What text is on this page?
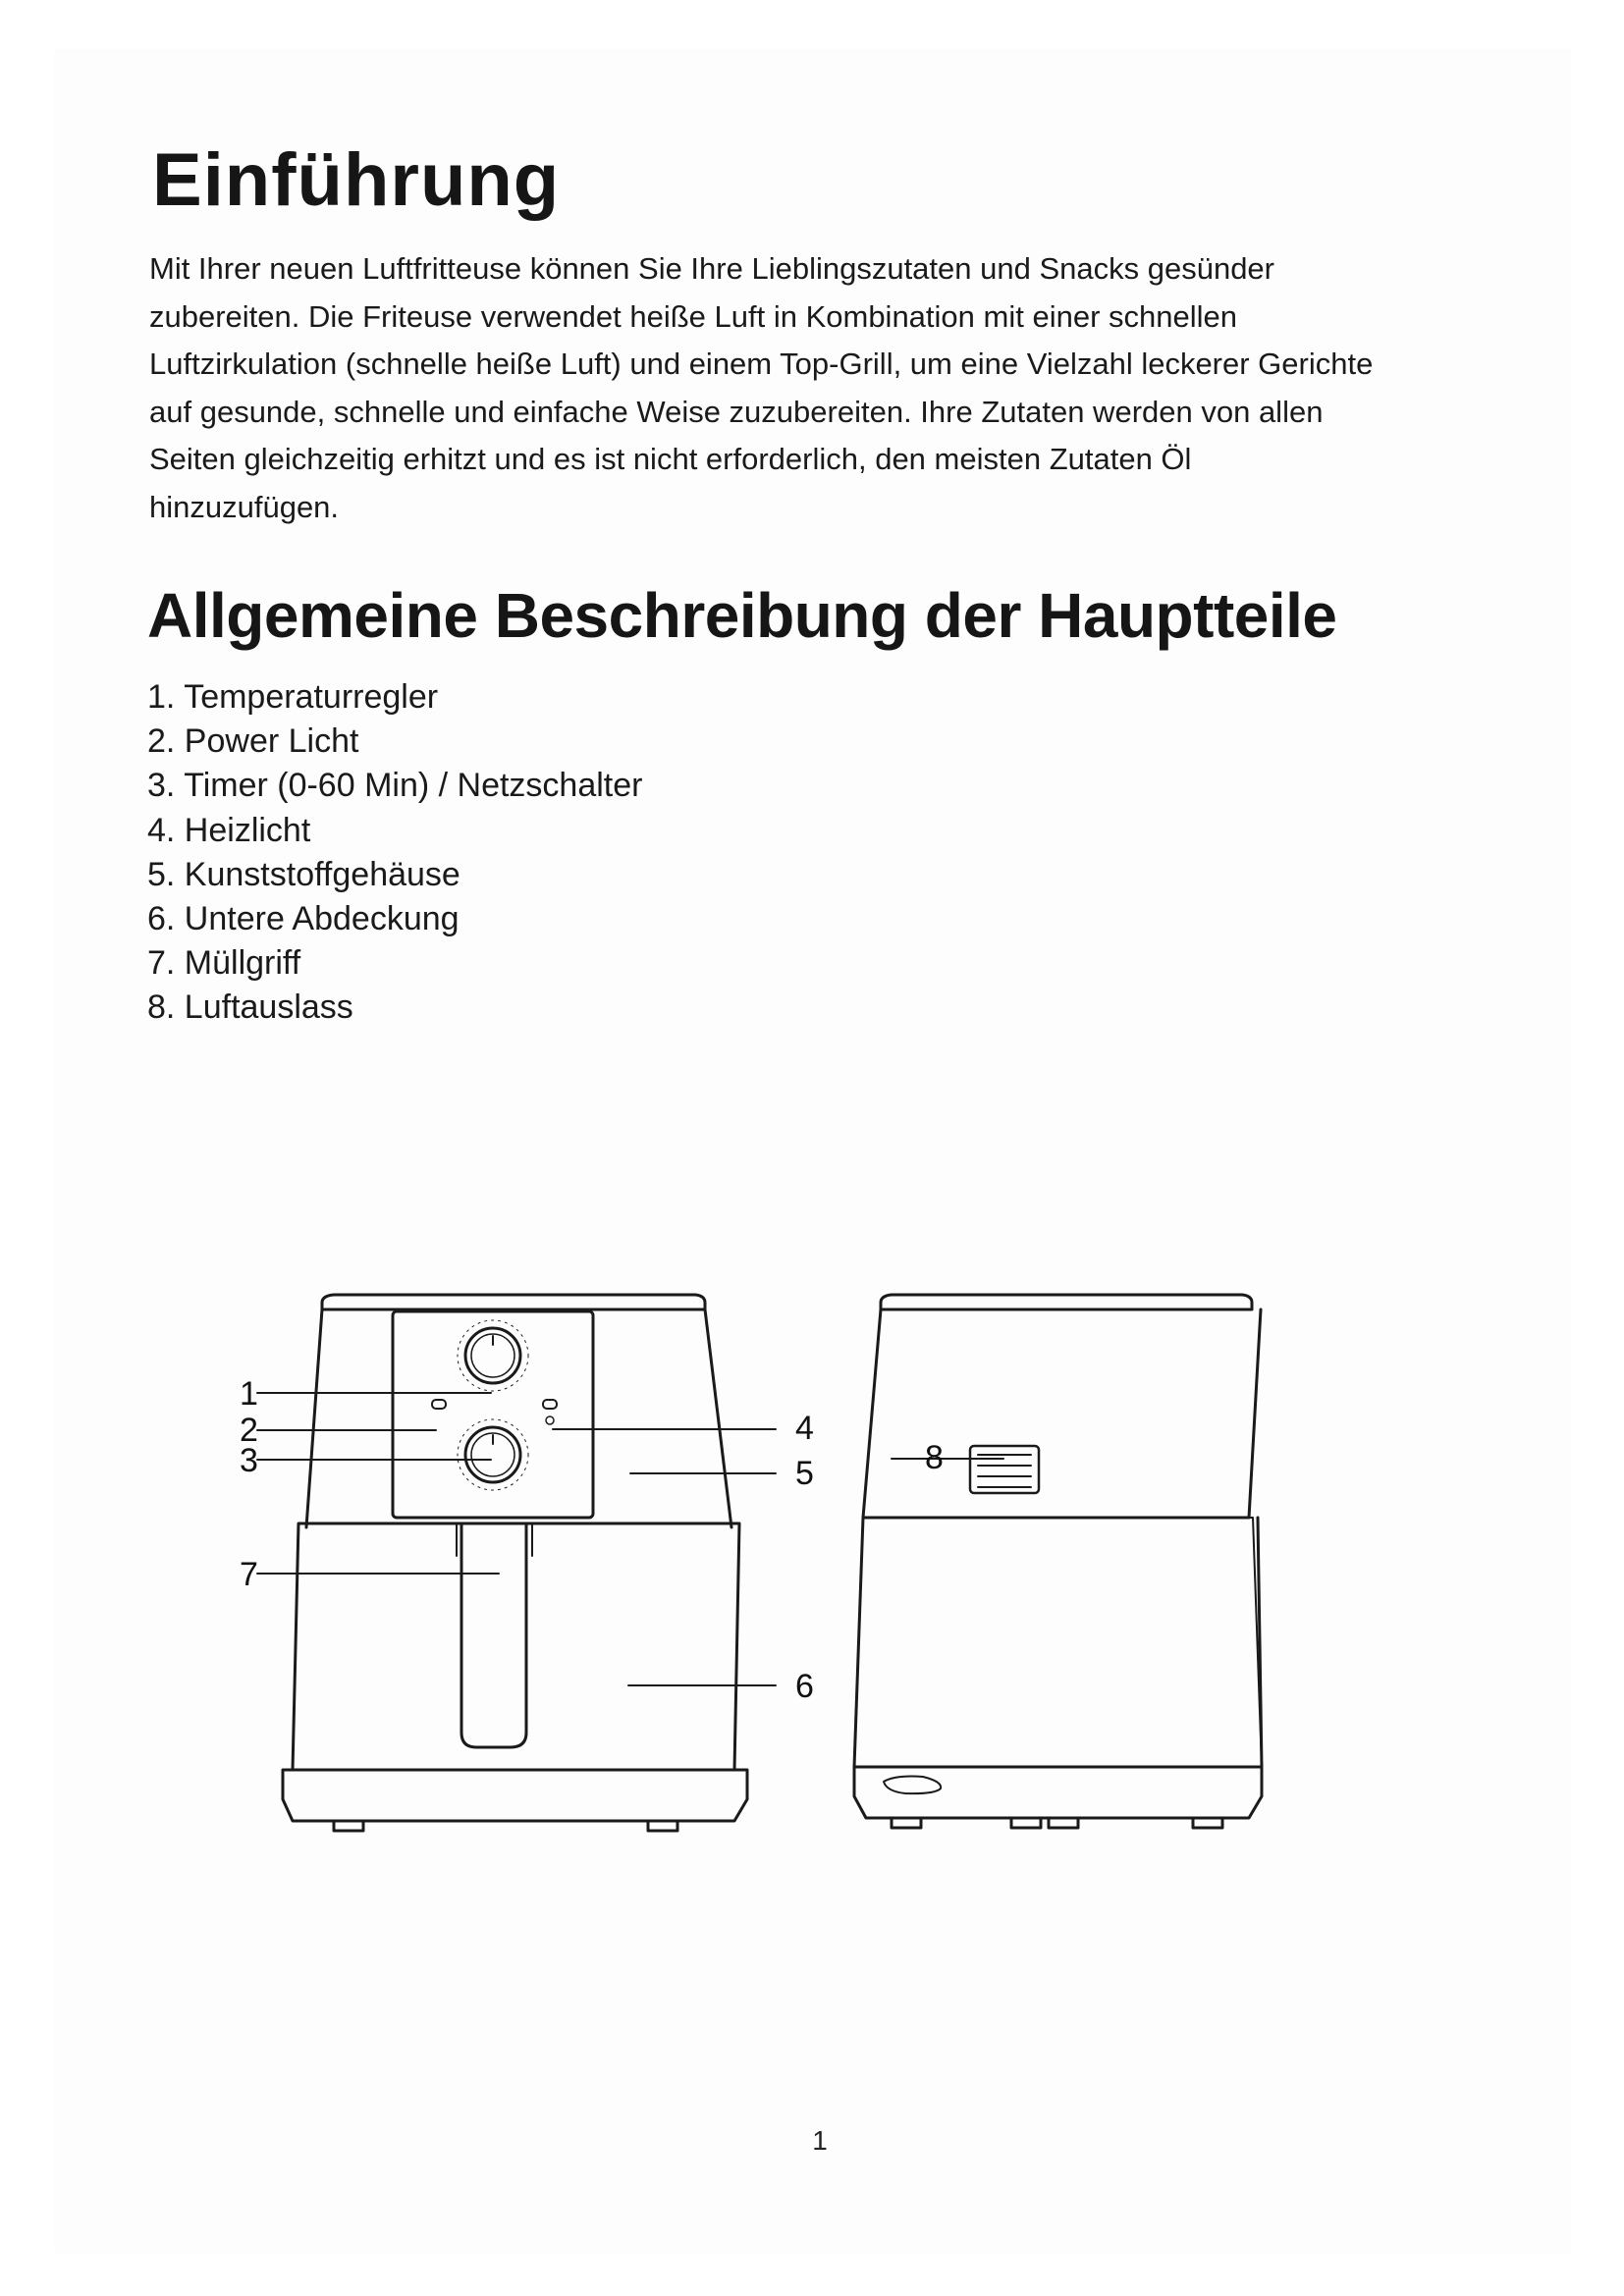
Einführung

Mit Ihrer neuen Luftfritteuse können Sie Ihre Lieblingszutaten und Snacks gesünder
zubereiten. Die Friteuse verwendet heiße Luft in Kombination mit einer schnellen
Luftzirkulation (schnelle heiße Luft) und einem Top-Grill, um eine Vielzahl leckerer Gerichte
auf gesunde, schnelle und einfache Weise zuzubereiten. Ihre Zutaten werden von allen
Seiten gleichzeitig erhitzt und es ist nicht erforderlich, den meisten Zutaten Öl
hinzuzufügen.

Allgemeine Beschreibung der Hauptteile
1. Temperaturregler
2. Power Licht
3. Timer (0-60 Min) / Netzschalter
4. Heizlicht
5. Kunststoffgehäuse
6. Untere Abdeckung
7. Müllgriff
8. Luftauslass
1
2
3
4
5
6
7
8
1
